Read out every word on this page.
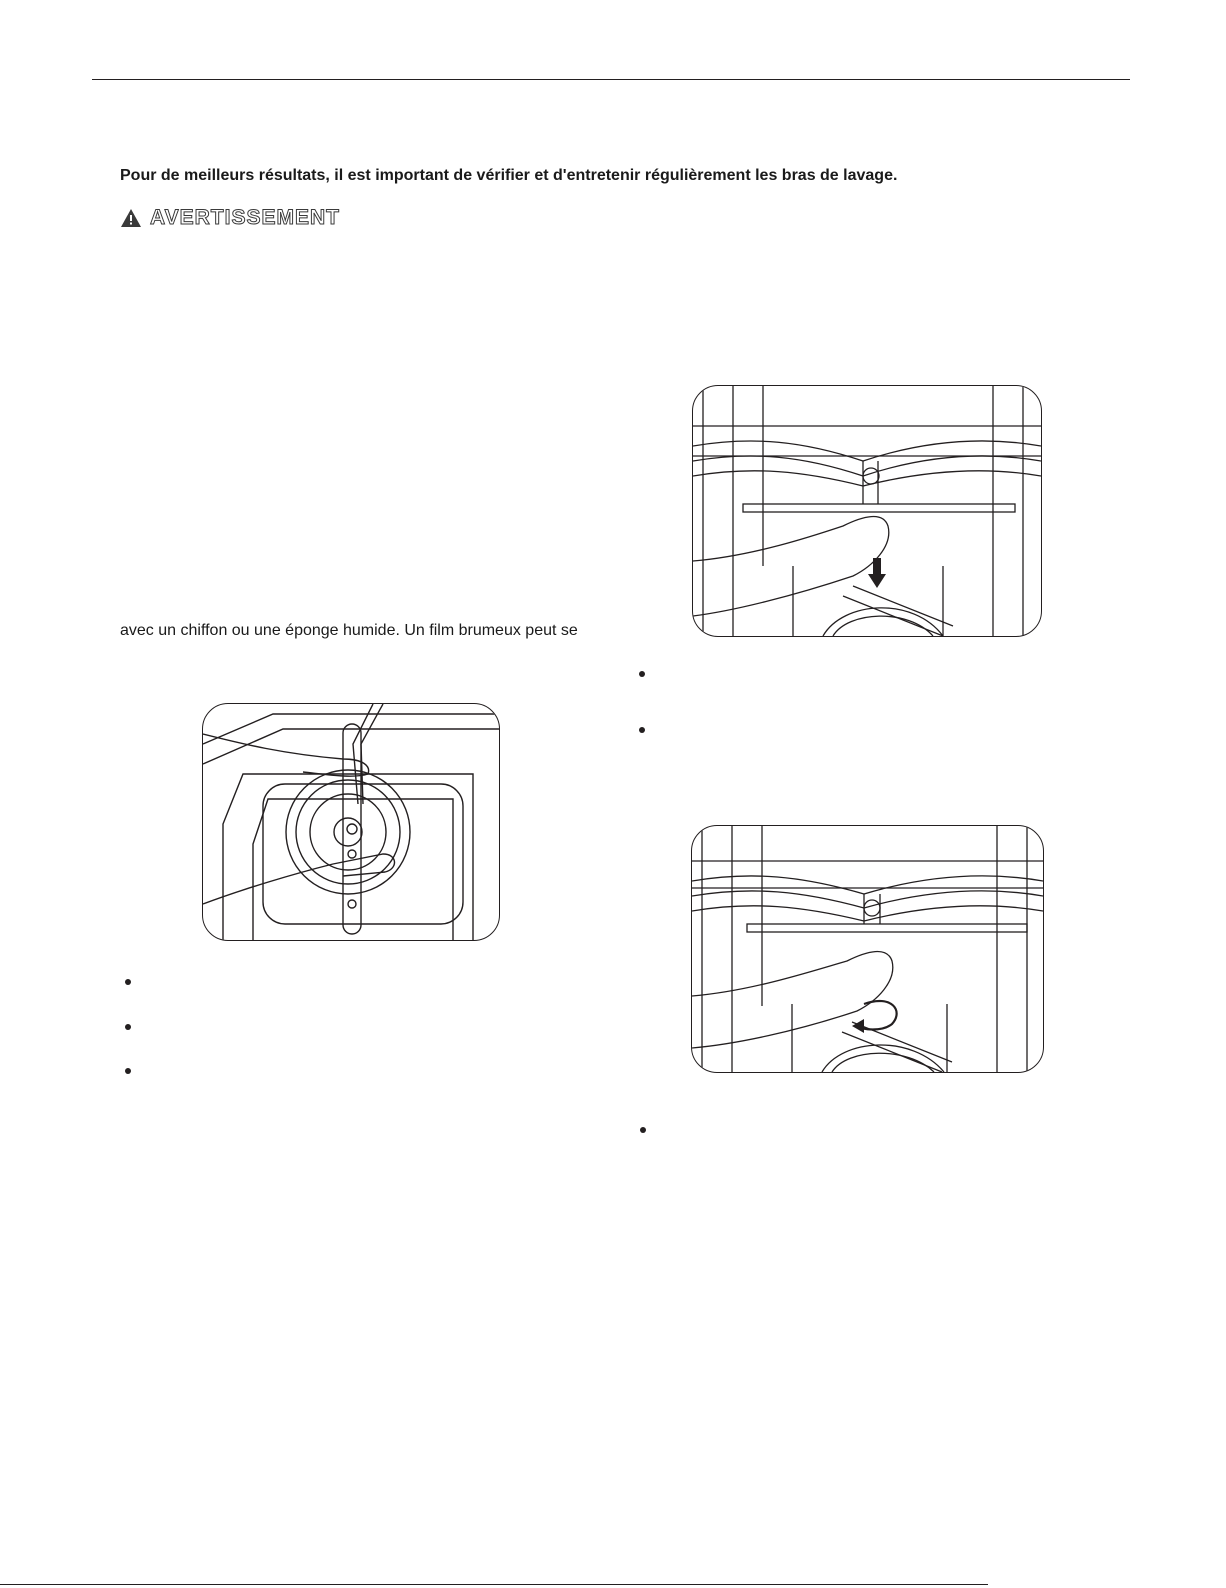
Pour de meilleurs résultats, il est important de vérifier et d'entretenir régulièrement les bras de lavage.
AVERTISSEMENT
avec un chiffon ou une éponge humide. Un film brumeux peut se
